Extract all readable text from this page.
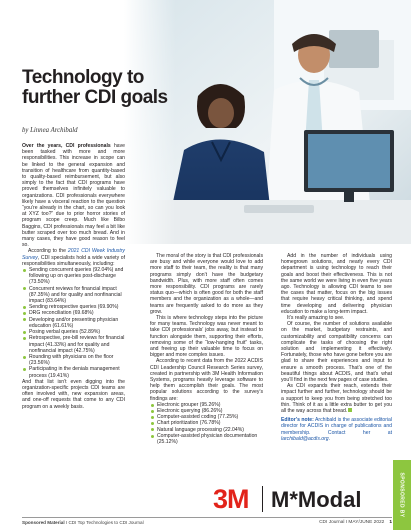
Technology to further CDI goals
by Linnea Archibald

Over the years, CDI professionals have been tasked with more and more responsibilities. This increase in scope can be linked to the general expansion and transition of healthcare from quantity-based to quality-based reimbursement, but also simply to the fact that CDI programs have proved themselves infinitely valuable to organizations. CDI professionals everywhere likely have a visceral reaction to the question “you’re already in the chart, so can you look at XYZ too?” due to prior horror stories of program scope creep. Much like Bilbo Baggins, CDI professionals may feel a bit like butter scraped over too much bread. And in many cases, they have good reason to feel so.

According to the 2021 CDI Week Industry Survey, CDI specialists hold a wide variety of responsibilities simultaneously, including:

Sending concurrent queries (92.04%) and following up on queries post-discharge (73.50%)
Concurrent reviews for financial impact (87.35%) and for quality and nonfinancial impact (83.64%)
Sending retrospective queries (69.90%)
DRG reconciliation (69.68%)
Developing and/or presenting physician education (61.61%)
Posing verbal queries (52.89%)
Retrospective, pre-bill reviews for financial impact (41.33%) and for quality and nonfinancial impact (42.75%)
Rounding with physicians on the floor (23.56%)
Participating in the denials management process (19.41%)

And that list isn’t even digging into the organization-specific projects CDI teams are often involved with, new expansion areas, and one-off requests that come to any CDI program on a weekly basis.

The moral of the story is that CDI professionals are busy and while everyone would love to add more staff to their team, the reality is that many programs simply don’t have the budgetary bandwidth. Plus, with more staff often comes more responsibility. CDI programs are rarely status quo—which is often good for both the staff members and the organization as a whole—and teams are frequently asked to do more as they grow.

This is where technology steps into the picture for many teams. Technology was never meant to take CDI professionals’ jobs away, but instead to function alongside them, supporting their efforts, removing some of the “low-hanging fruit” tasks, and freeing up their valuable time to focus on bigger and more complex issues.

According to recent data from the 2022 ACDIS CDI Leadership Council Research Series survey, created in partnership with 3M Health Information Systems, programs heavily leverage software to help them accomplish their goals. The most popular solutions according to the survey’s findings are:

Electronic grouper (95.26%)
Electronic querying (86.26%)
Computer-assisted coding (77.25%)
Chart prioritization (76.78%)
Natural language processing (22.04%)
Computer-assisted physician documentation (25.12%)

Add in the number of individuals using homegrown solutions, and nearly every CDI department is using technology to reach their goals and boost their effectiveness. This is not the same world we were living in even five years ago. Technology is allowing CDI teams to see the cases that matter, focus on the big issues that require heavy critical thinking, and spend time developing and delivering physician education to make a long-term impact.

It’s really amazing to see.

Of course, the number of solutions available on the market, budgetary restraints, and customizability and compatibility concerns can complicate the tasks of choosing the right solution and implementing it effectively. Fortunately, those who have gone before you are glad to share their experiences and input to ensure a smooth process. That’s one of the beautiful things about ACDIS, and that’s what you’ll find in the next few pages of case studies.

As CDI expands their reach, extends their impact further and further, technology should be a support to keep you from being stretched too thin. Think of it as a little extra butter to get you all the way across that bread.

Editor’s note: Archibald is the associate editorial director for ACDIS in charge of publications and membership. Contact her at larchibald@acdis.org.

3M M*Modal	SPONSORED BY
Sponsored Material I CDI Top Technologies to CDI Journal	CDI Journal I MAY/JUNE 2022 1
